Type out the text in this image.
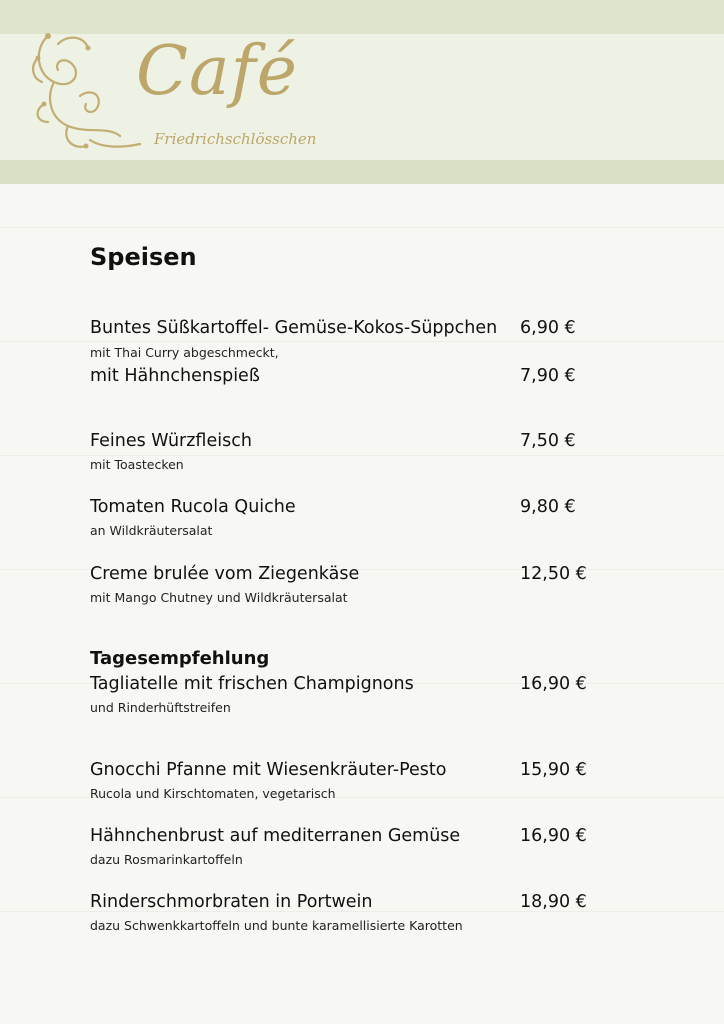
Café
Friedrichschlösschen
Speisen
Buntes Süßkartoffel- Gemüse-Kokos-Süppchen 6,90 €
mit Thai Curry abgeschmeckt,
mit Hähnchenspieß	7,90 €
Feines Würzfleisch	7,50 €
mit Toastecken
Tomaten Rucola Quiche	9,80 €
an Wildkräutersalat
Creme brulée vom Ziegenkäse	12,50 €
mit Mango Chutney und Wildkräutersalat
Tagesempfehlung
Tagliatelle mit frischen Champignons	16,90 €
und Rinderhüftstreifen
Gnocchi Pfanne mit Wiesenkräuter-Pesto	15,90 €
Rucola und Kirschtomaten, vegetarisch
Hähnchenbrust auf mediterranen Gemüse	16,90 €
dazu Rosmarinkartoffeln
Rinderschmorbraten in Portwein	18,90 €
dazu Schwenkkartoffeln und bunte karamellisierte Karotten
